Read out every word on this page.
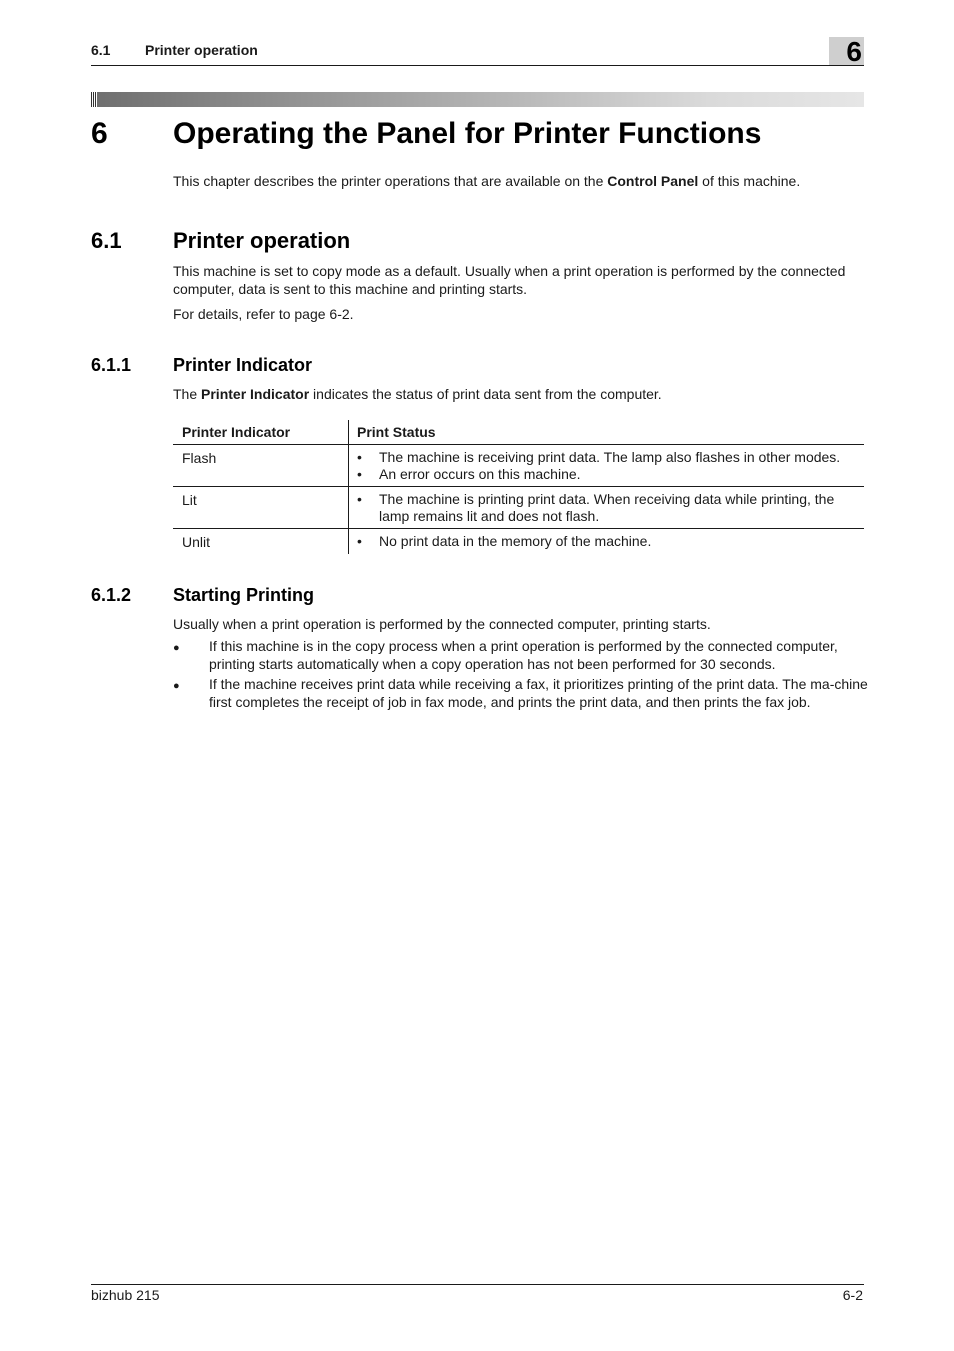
6.1 Printer operation	6
6 Operating the Panel for Printer Functions
This chapter describes the printer operations that are available on the Control Panel of this machine.
6.1 Printer operation
This machine is set to copy mode as a default. Usually when a print operation is performed by the connected computer, data is sent to this machine and printing starts.
For details, refer to page 6-2.
6.1.1 Printer Indicator
The Printer Indicator indicates the status of print data sent from the computer.
Printer Indicator	Print Status
Flash	• The machine is receiving print data. The lamp also flashes in other modes.
• An error occurs on this machine.
Lit	• The machine is printing print data. When receiving data while printing, the lamp remains lit and does not flash.
Unlit	• No print data in the memory of the machine.
6.1.2 Starting Printing
Usually when a print operation is performed by the connected computer, printing starts.
● If this machine is in the copy process when a print operation is performed by the connected computer, printing starts automatically when a copy operation has not been performed for 30 seconds.
● If the machine receives print data while receiving a fax, it prioritizes printing of the print data. The ma-chine first completes the receipt of job in fax mode, and prints the print data, and then prints the fax job.
bizhub 215	6-2
